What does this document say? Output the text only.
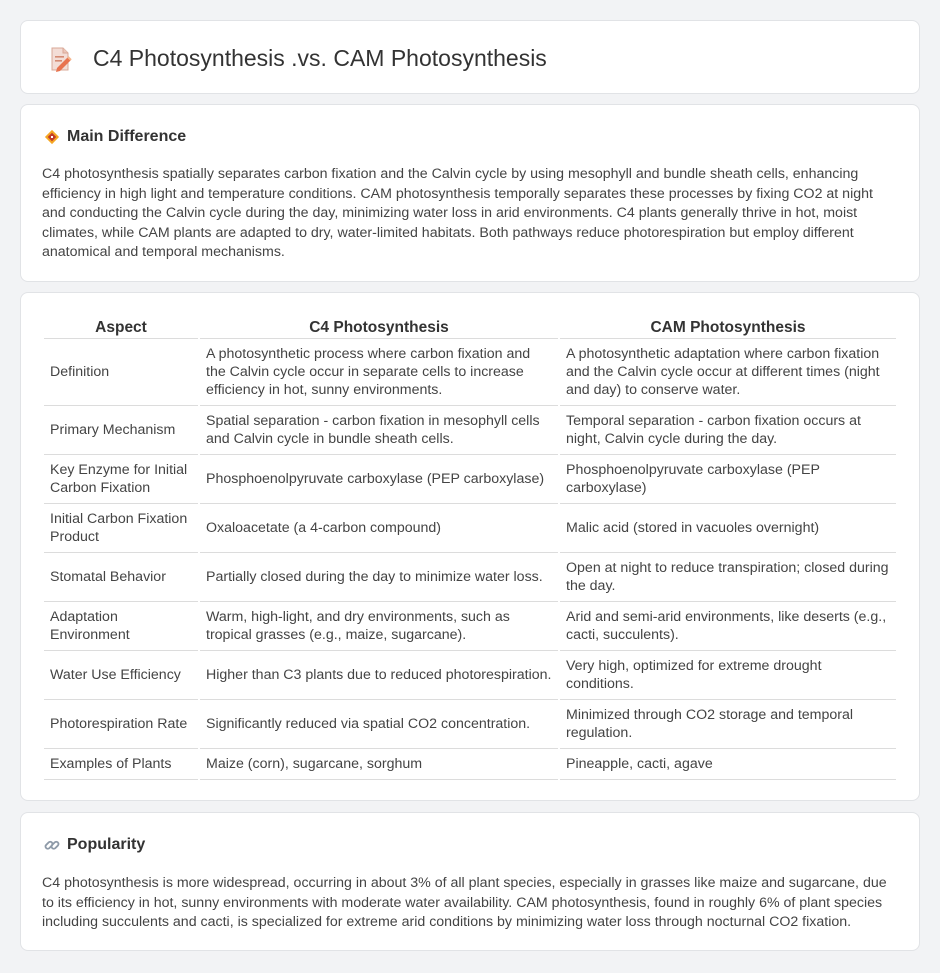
C4 Photosynthesis .vs. CAM Photosynthesis
Main Difference

C4 photosynthesis spatially separates carbon fixation and the Calvin cycle by using mesophyll and bundle sheath cells, enhancing efficiency in high light and temperature conditions. CAM photosynthesis temporally separates these processes by fixing CO2 at night and conducting the Calvin cycle during the day, minimizing water loss in arid environments. C4 plants generally thrive in hot, moist climates, while CAM plants are adapted to dry, water-limited habitats. Both pathways reduce photorespiration but employ different anatomical and temporal mechanisms.

Aspect	C4 Photosynthesis	CAM Photosynthesis
Definition	A photosynthetic process where carbon fixation and the Calvin cycle occur in separate cells to increase efficiency in hot, sunny environments.	A photosynthetic adaptation where carbon fixation and the Calvin cycle occur at different times (night and day) to conserve water.
Primary Mechanism	Spatial separation - carbon fixation in mesophyll cells and Calvin cycle in bundle sheath cells.	Temporal separation - carbon fixation occurs at night, Calvin cycle during the day.
Key Enzyme for Initial Carbon Fixation	Phosphoenolpyruvate carboxylase (PEP carboxylase)	Phosphoenolpyruvate carboxylase (PEP carboxylase)
Initial Carbon Fixation Product	Oxaloacetate (a 4-carbon compound)	Malic acid (stored in vacuoles overnight)
Stomatal Behavior	Partially closed during the day to minimize water loss.	Open at night to reduce transpiration; closed during the day.
Adaptation Environment	Warm, high-light, and dry environments, such as tropical grasses (e.g., maize, sugarcane).	Arid and semi-arid environments, like deserts (e.g., cacti, succulents).
Water Use Efficiency	Higher than C3 plants due to reduced photorespiration.	Very high, optimized for extreme drought conditions.
Photorespiration Rate	Significantly reduced via spatial CO2 concentration.	Minimized through CO2 storage and temporal regulation.
Examples of Plants	Maize (corn), sugarcane, sorghum	Pineapple, cacti, agave
Popularity

C4 photosynthesis is more widespread, occurring in about 3% of all plant species, especially in grasses like maize and sugarcane, due to its efficiency in hot, sunny environments with moderate water availability. CAM photosynthesis, found in roughly 6% of plant species including succulents and cacti, is specialized for extreme arid conditions by minimizing water loss through nocturnal CO2 fixation.
